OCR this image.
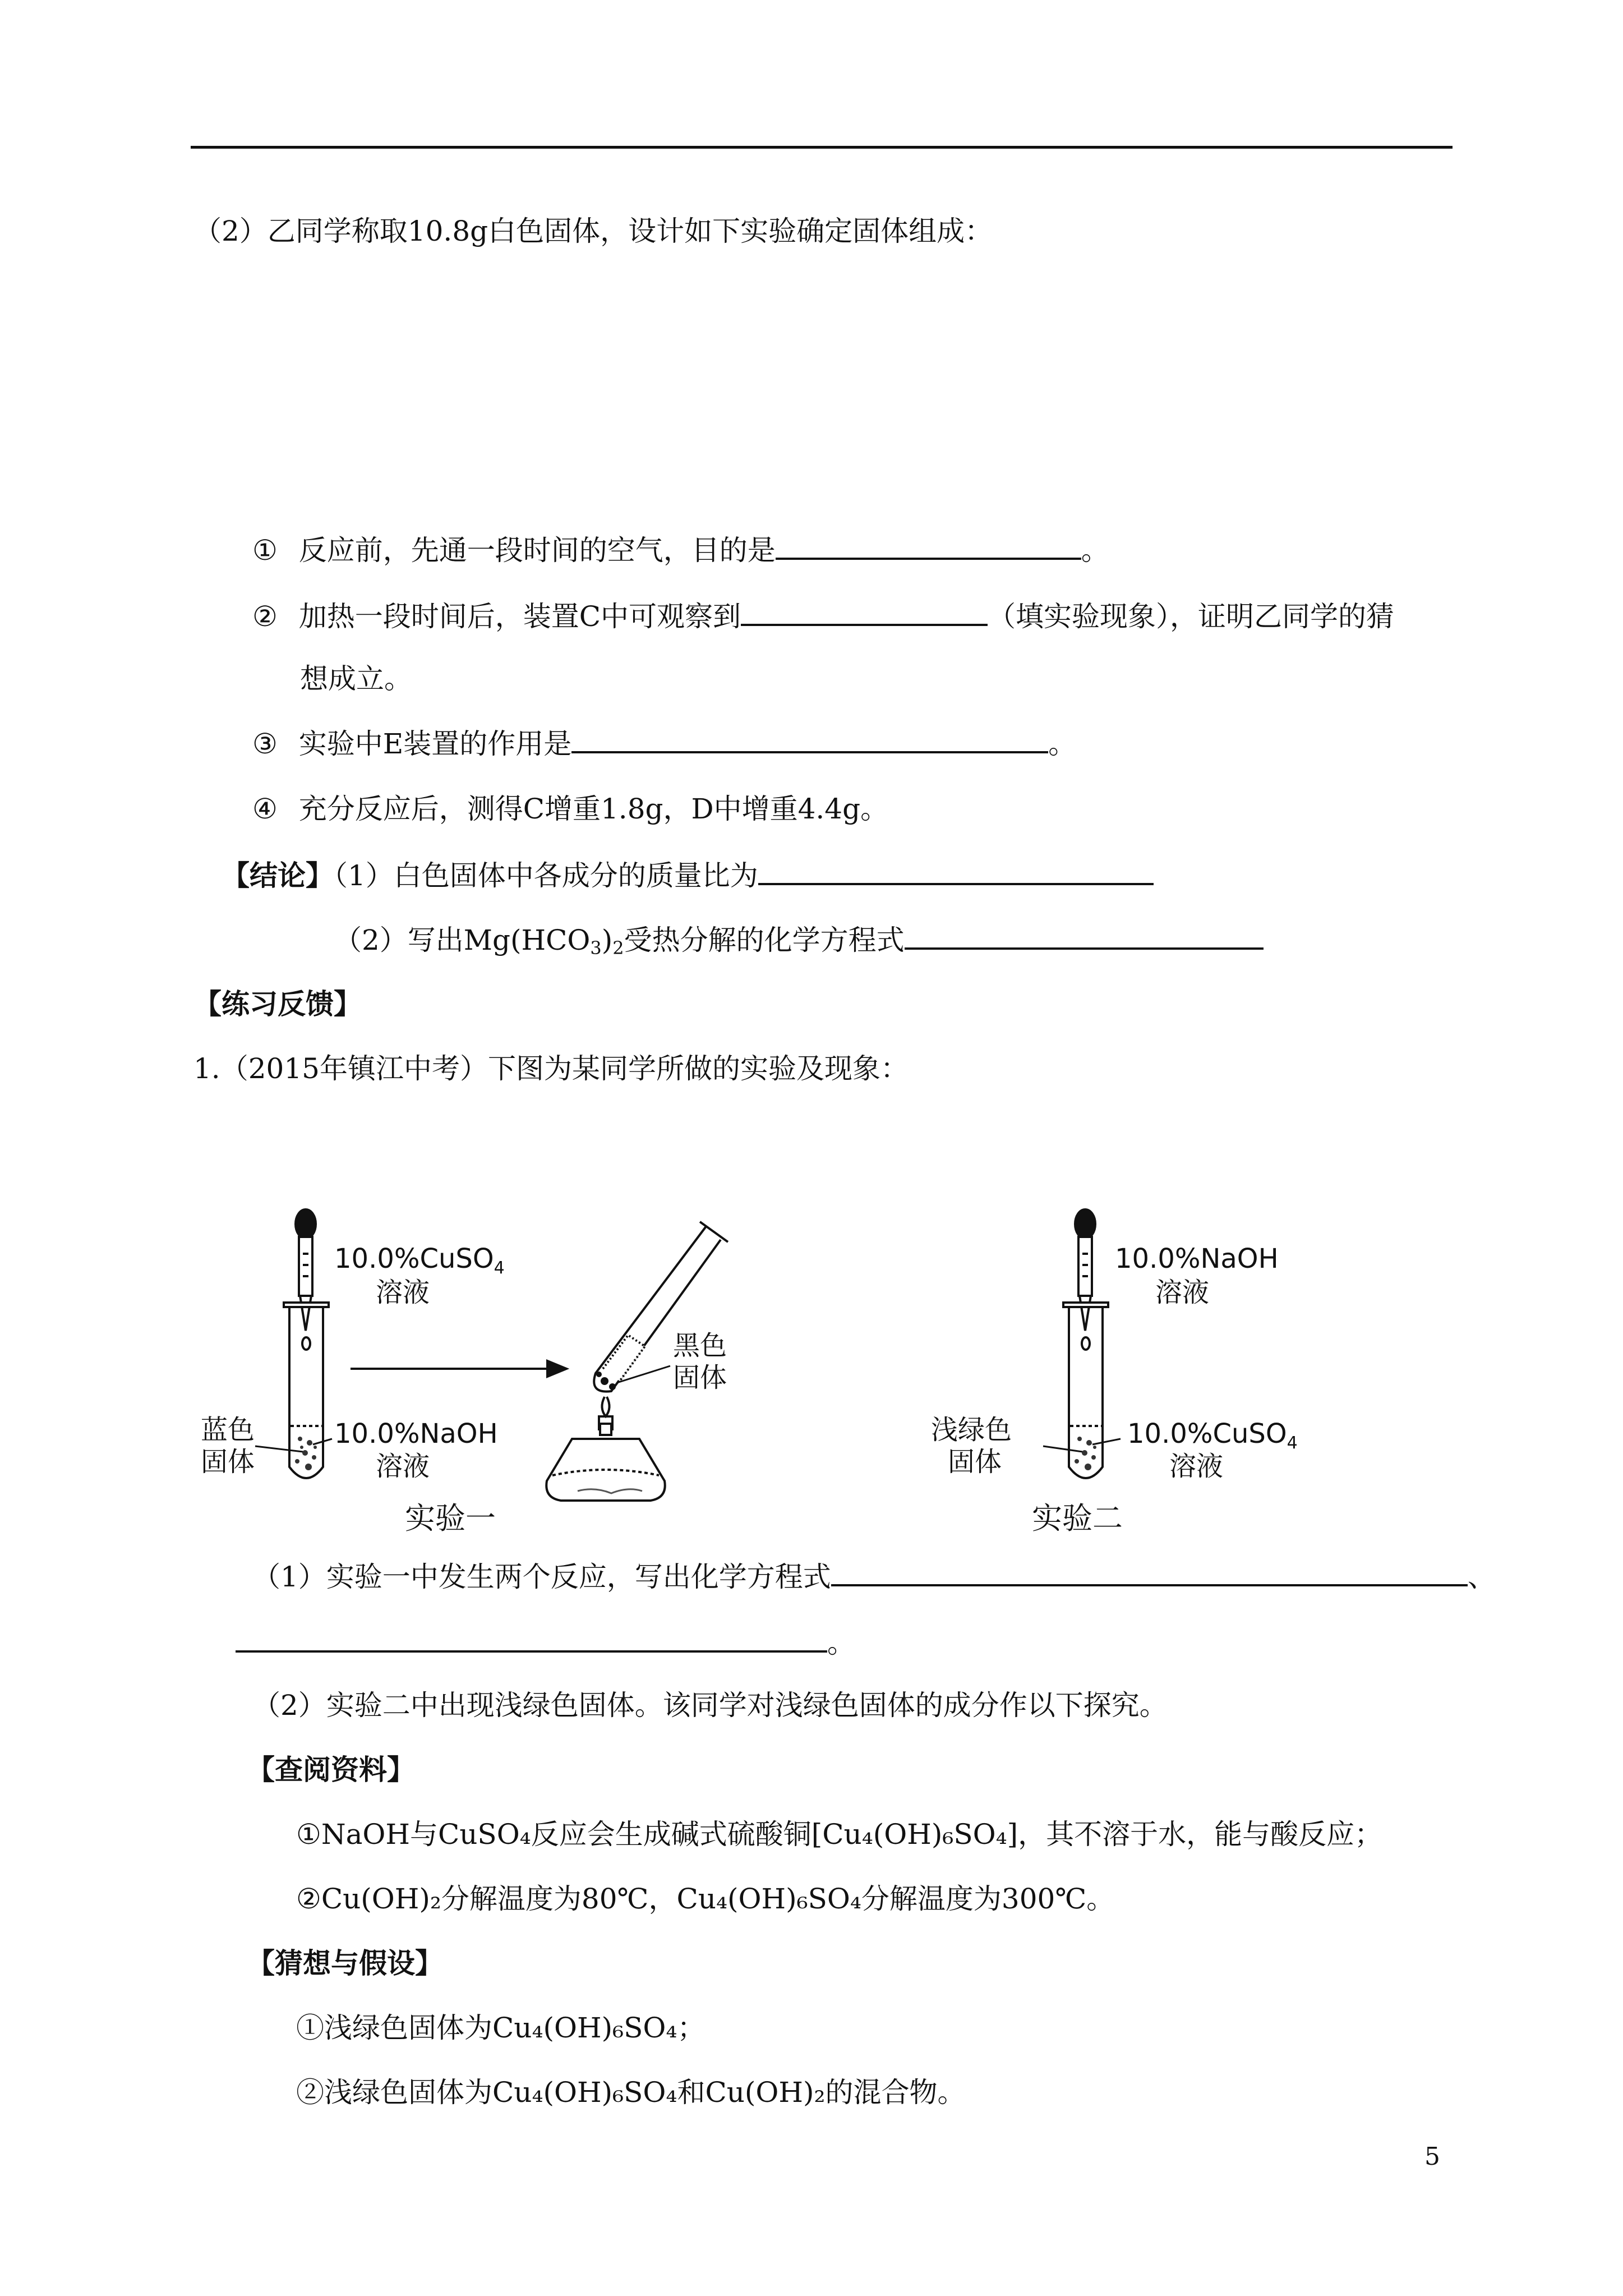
（2）乙同学称取10.8g白色固体，设计如下实验确定固体组成：
① 反应前，先通一段时间的空气，目的是	。
② 加热一段时间后，装置C中可观察到	（填实验现象），证明乙同学的猜
想成立。
③ 实验中E装置的作用是	。
④ 充分反应后，测得C增重1.8g，D中增重4.4g。
【结论】（1）白色固体中各成分的质量比为
（2）写出$Mg(HCO_3)_2$受热分解的化学方程式
【练习反馈】
1.（2015年镇江中考）下图为某同学所做的实验及现象：
10.0%CuSO$_4$
溶液
蓝色
固体
10.0%NaOH
溶液
黑色
固体
实验一
10.0%NaOH
溶液
浅绿色
固体
10.0%CuSO$_4$
溶液
实验二
（1）实验一中发生两个反应，写出化学方程式	、
。
（2）实验二中出现浅绿色固体。该同学对浅绿色固体的成分作以下探究。
【查阅资料】
①NaOH与CuSO₄反应会生成碱式硫酸铜[Cu₄(OH)₆SO₄]，其不溶于水，能与酸反应；
②Cu(OH)₂分解温度为80℃，Cu₄(OH)₆SO₄分解温度为300℃。
【猜想与假设】
①浅绿色固体为Cu₄(OH)₆SO₄；
②浅绿色固体为Cu₄(OH)₆SO₄和Cu(OH)₂的混合物。
5
